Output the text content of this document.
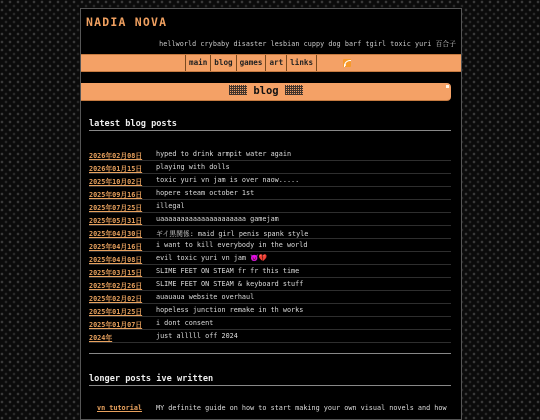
NADIA NOVA
hellworld crybaby disaster lesbian cuppy dog barf tgirl toxic yuri 百合子
main blog games art links
blog
latest blog posts
2026年02月08日 hyped to drink armpit water again
2026年01月15日 playing with dolls
2025年10月02日 toxic yuri vn jam is over naow.....
2025年09月16日 hopere steam october 1st
2025年07月25日 illegal
2025年05月31日 uaaaaaaaaaaaaaaaaaaaaa gamejam
2025年04月30日 ギイ黒関係: maid girl penis spank style
2025年04月16日 i want to kill everybody in the world
2025年04月08日 evil toxic yuri vn jam 😈💔
2025年03月15日 SLIME FEET ON STEAM fr fr this time
2025年02月26日 SLIME FEET ON STEAM & keyboard stuff
2025年02月02日 auauaua website overhaul
2025年01月25日 hopeless junction remake in th works
2025年01月07日 i dont consent
2024年	just alllll off 2024
longer posts ive written
vn tutorial MY definite guide on how to start making your own visual novels and how
